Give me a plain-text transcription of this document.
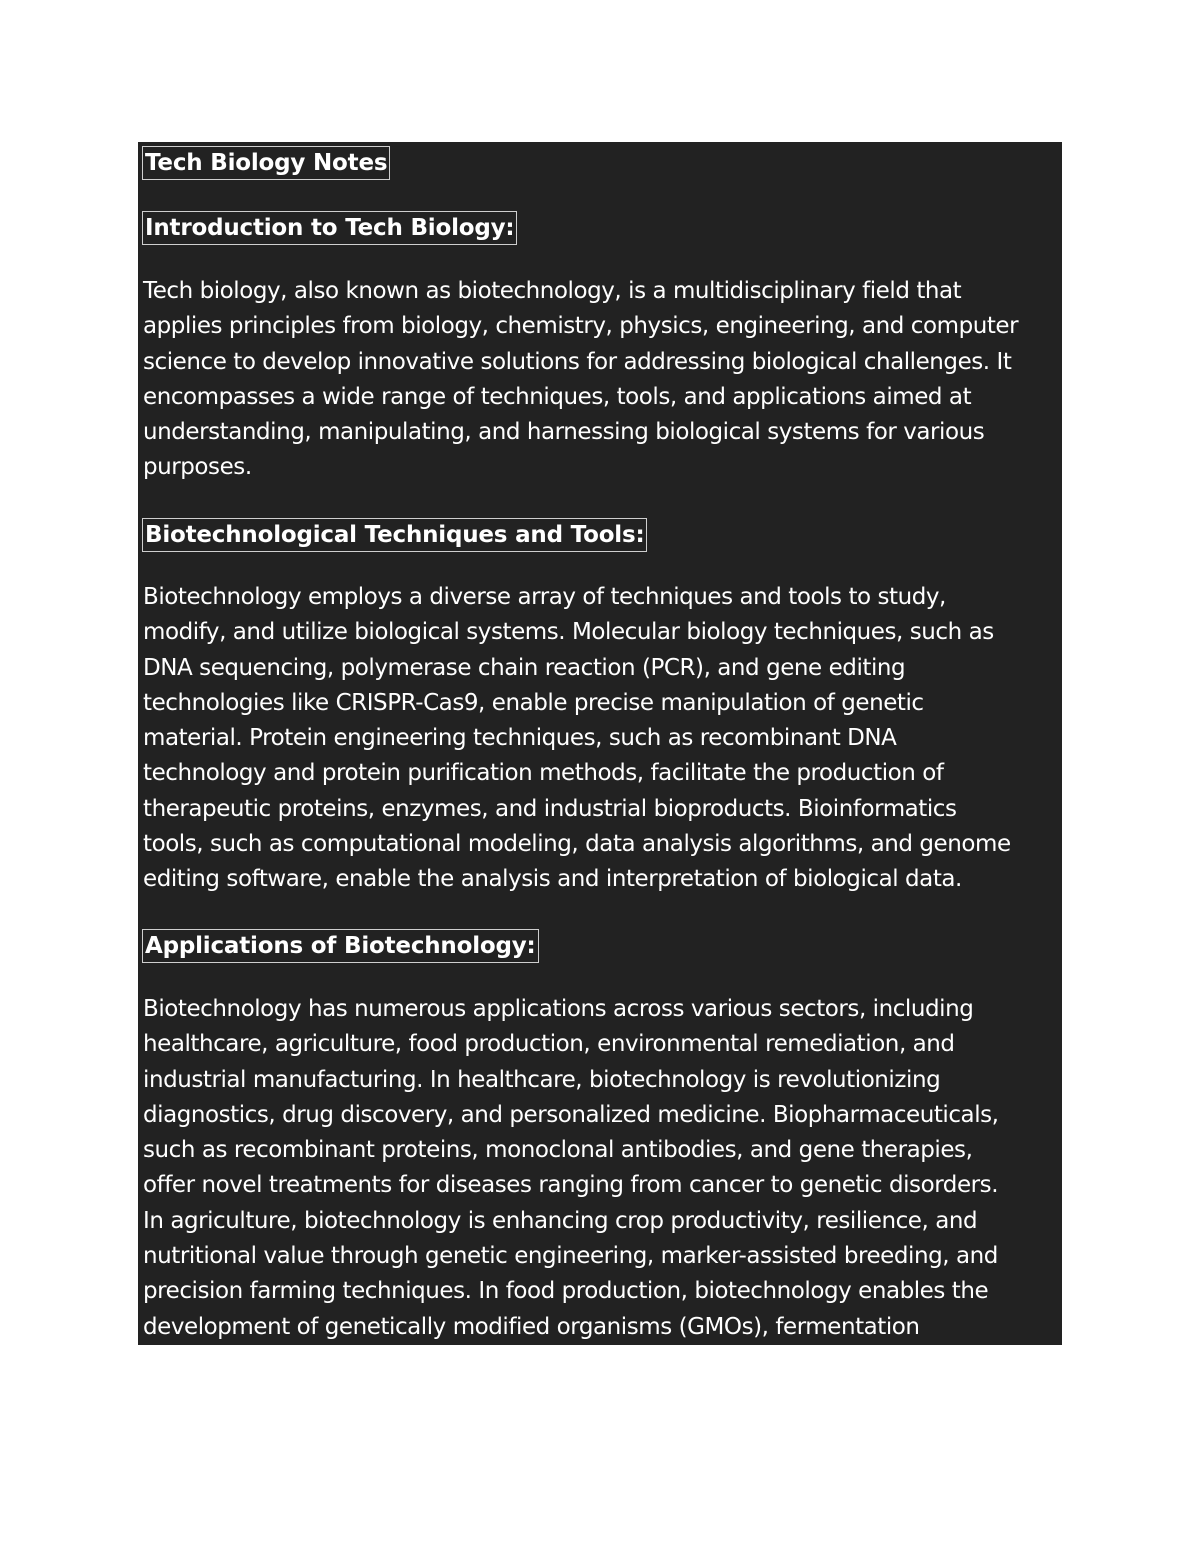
Tech Biology Notes
Introduction to Tech Biology:
Tech biology, also known as biotechnology, is a multidisciplinary field that
applies principles from biology, chemistry, physics, engineering, and computer
science to develop innovative solutions for addressing biological challenges. It
encompasses a wide range of techniques, tools, and applications aimed at
understanding, manipulating, and harnessing biological systems for various
purposes.
Biotechnological Techniques and Tools:
Biotechnology employs a diverse array of techniques and tools to study,
modify, and utilize biological systems. Molecular biology techniques, such as
DNA sequencing, polymerase chain reaction (PCR), and gene editing
technologies like CRISPR-Cas9, enable precise manipulation of genetic
material. Protein engineering techniques, such as recombinant DNA
technology and protein purification methods, facilitate the production of
therapeutic proteins, enzymes, and industrial bioproducts. Bioinformatics
tools, such as computational modeling, data analysis algorithms, and genome
editing software, enable the analysis and interpretation of biological data.
Applications of Biotechnology:
Biotechnology has numerous applications across various sectors, including
healthcare, agriculture, food production, environmental remediation, and
industrial manufacturing. In healthcare, biotechnology is revolutionizing
diagnostics, drug discovery, and personalized medicine. Biopharmaceuticals,
such as recombinant proteins, monoclonal antibodies, and gene therapies,
offer novel treatments for diseases ranging from cancer to genetic disorders.
In agriculture, biotechnology is enhancing crop productivity, resilience, and
nutritional value through genetic engineering, marker-assisted breeding, and
precision farming techniques. In food production, biotechnology enables the
development of genetically modified organisms (GMOs), fermentation
